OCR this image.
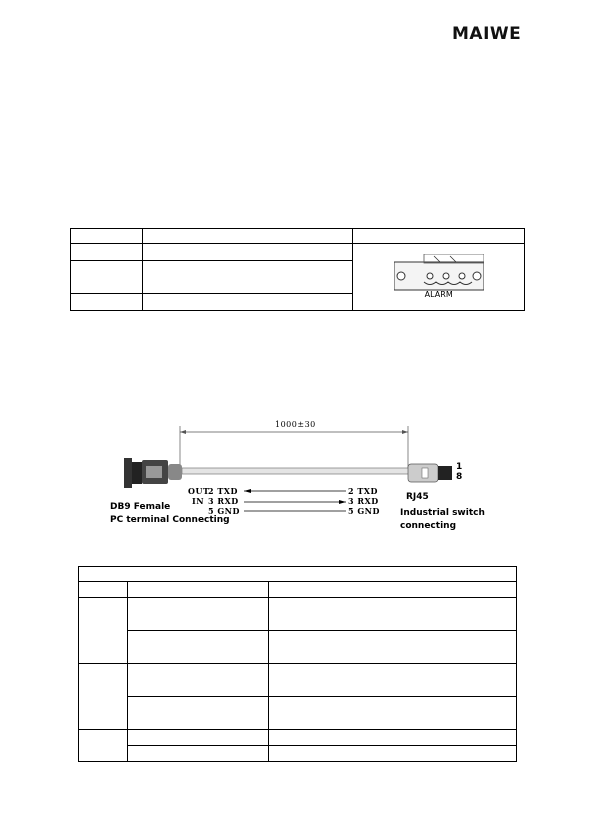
MAIWE

		ALARM

1000±30
1
8
OUT
2 TXD	2 TXD
IN 3 RXD	3 RXD
5 GND	5 GND
RJ45
DB9 Female
PC terminal Connecting
Industrial switch
connecting
